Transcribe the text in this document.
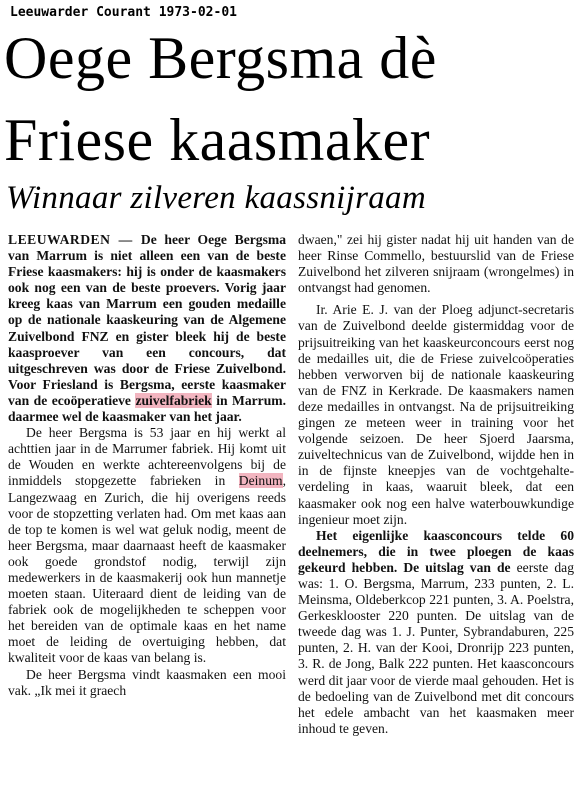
Leeuwarder Courant 1973-02-01
Oege Bergsma dè
Friese kaasmaker
Winnaar zilveren kaassnijraam

LEEUWARDEN — De heer Oege Bergsma van Marrum is niet alleen een van de beste Friese kaasmakers: hij is onder de kaasmakers ook nog een van de beste proevers. Vorig jaar kreeg kaas van Marrum een gouden medaille op de nationale kaaskeuring van de Algemene Zuivelbond FNZ en gister bleek hij de beste kaasproever van een concours, dat uitgeschreven was door de Friese Zuivelbond. Voor Friesland is Bergsma, eerste kaasmaker van de ecoöperatieve zuivelfabriek in Marrum. daarmee wel de kaasmaker van het jaar.

De heer Bergsma is 53 jaar en hij werkt al achttien jaar in de Marrumer fabriek. Hij komt uit de Wouden en werkte achtereenvolgens bij de inmiddels stopgezette fabrieken in Deinum, Langezwaag en Zurich, die hij overigens reeds voor de stopzetting verlaten had. Om met kaas aan de top te komen is wel wat geluk nodig, meent de heer Bergsma, maar daarnaast heeft de kaasmaker ook goede grondstof nodig, terwijl zijn medewerkers in de kaasmakerij ook hun mannetje moeten staan. Uiteraard dient de leiding van de fabriek ook de mogelijkheden te scheppen voor het bereiden van de optimale kaas en het name moet de leiding de overtuiging hebben, dat kwaliteit voor de kaas van belang is.

De heer Bergsma vindt kaasmaken een mooi vak. „Ik mei it graech

dwaen," zei hij gister nadat hij uit handen van de heer Rinse Commello, bestuurslid van de Friese Zuivelbond het zilveren snijraam (wrongelmes) in ontvangst had genomen.

Ir. Arie E. J. van der Ploeg adjunct-secretaris van de Zuivelbond deelde gistermiddag voor de prijsuitreiking van het kaaskeurconcours eerst nog de medailles uit, die de Friese zuivelcoöperaties hebben verworven bij de nationale kaaskeuring van de FNZ in Kerkrade. De kaasmakers namen deze medailles in ontvangst. Na de prijsuitreiking gingen ze meteen weer in training voor het volgende seizoen. De heer Sjoerd Jaarsma, zuiveltechnicus van de Zuivelbond, wijdde hen in in de fijnste kneepjes van de vochtgehalte-verdeling in kaas, waaruit bleek, dat een kaasmaker ook nog een halve waterbouwkundige ingenieur moet zijn.

Het eigenlijke kaasconcours telde 60 deelnemers, die in twee ploegen de kaas gekeurd hebben. De uitslag van de eerste dag was: 1. O. Bergsma, Marrum, 233 punten, 2. L. Meinsma, Oldeberkcop 221 punten, 3. A. Poelstra, Gerkesklooster 220 punten. De uitslag van de tweede dag was 1. J. Punter, Sybrandaburen, 225 punten, 2. H. van der Kooi, Dronrijp 223 punten, 3. R. de Jong, Balk 222 punten. Het kaasconcours werd dit jaar voor de vierde maal gehouden. Het is de bedoeling van de Zuivelbond met dit concours het edele ambacht van het kaasmaken meer inhoud te geven.
